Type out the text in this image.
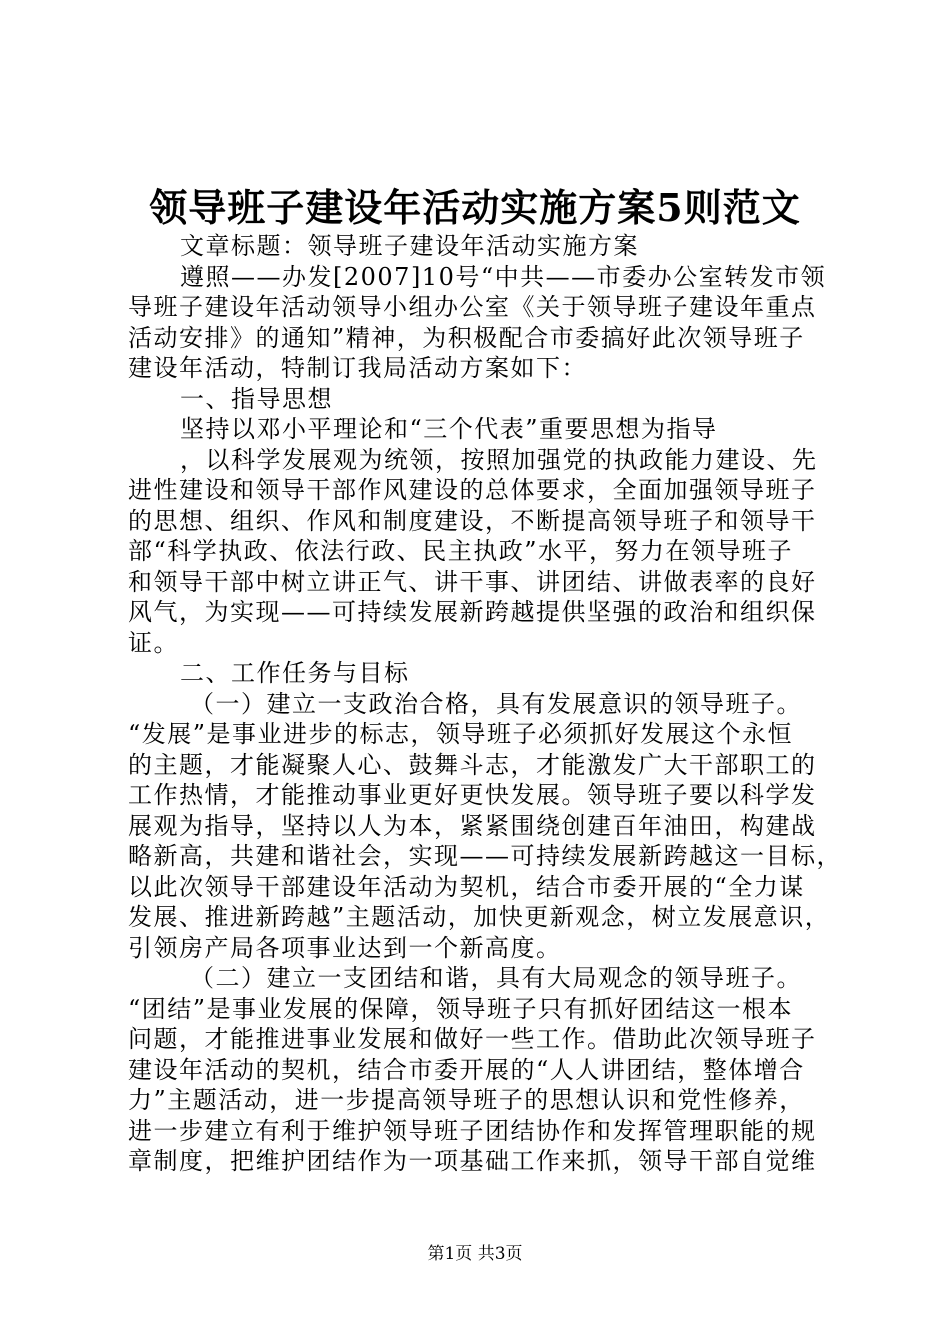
领导班子建设年活动实施方案5则范文
文章标题：领导班子建设年活动实施方案
遵照——办发[2007]10号“中共——市委办公室转发市领
导班子建设年活动领导小组办公室《关于领导班子建设年重点
活动安排》的通知”精神，为积极配合市委搞好此次领导班子
建设年活动，特制订我局活动方案如下：
一、指导思想
坚持以邓小平理论和“三个代表”重要思想为指导
，以科学发展观为统领，按照加强党的执政能力建设、先
进性建设和领导干部作风建设的总体要求，全面加强领导班子
的思想、组织、作风和制度建设，不断提高领导班子和领导干
部“科学执政、依法行政、民主执政”水平，努力在领导班子
和领导干部中树立讲正气、讲干事、讲团结、讲做表率的良好
风气，为实现——可持续发展新跨越提供坚强的政治和组织保
证。
二、工作任务与目标
（一）建立一支政治合格，具有发展意识的领导班子。
“发展”是事业进步的标志，领导班子必须抓好发展这个永恒
的主题，才能凝聚人心、鼓舞斗志，才能激发广大干部职工的
工作热情，才能推动事业更好更快发展。领导班子要以科学发
展观为指导，坚持以人为本，紧紧围绕创建百年油田，构建战
略新高，共建和谐社会，实现——可持续发展新跨越这一目标，
以此次领导干部建设年活动为契机，结合市委开展的“全力谋
发展、推进新跨越”主题活动，加快更新观念，树立发展意识，
引领房产局各项事业达到一个新高度。
（二）建立一支团结和谐，具有大局观念的领导班子。
“团结”是事业发展的保障，领导班子只有抓好团结这一根本
问题，才能推进事业发展和做好一些工作。借助此次领导班子
建设年活动的契机，结合市委开展的“人人讲团结，整体增合
力”主题活动，进一步提高领导班子的思想认识和党性修养，
进一步建立有利于维护领导班子团结协作和发挥管理职能的规
章制度，把维护团结作为一项基础工作来抓，领导干部自觉维
第1页 共3页
